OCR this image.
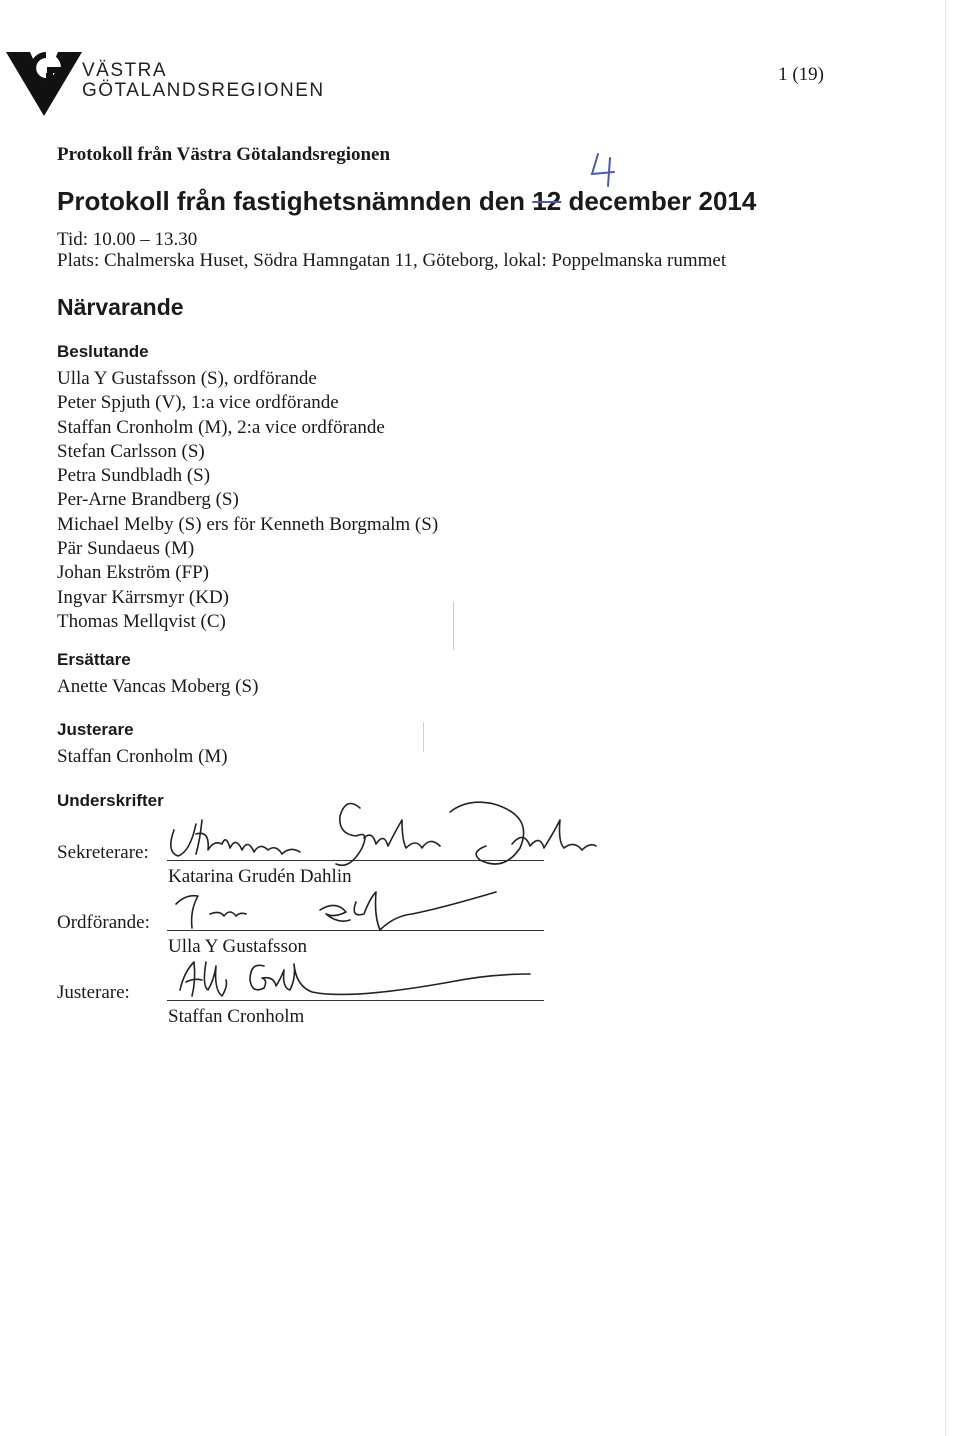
VÄSTRA
GÖTALANDSREGIONEN
1 (19)
Protokoll från Västra Götalandsregionen
Protokoll från fastighetsnämnden den 12 december 2014
Tid: 10.00 – 13.30
Plats: Chalmerska Huset, Södra Hamngatan 11, Göteborg, lokal: Poppelmanska rummet
Närvarande
Beslutande
Ulla Y Gustafsson (S), ordförande
Peter Spjuth (V), 1:a vice ordförande
Staffan Cronholm (M), 2:a vice ordförande
Stefan Carlsson (S)
Petra Sundbladh (S)
Per-Arne Brandberg (S)
Michael Melby (S) ers för Kenneth Borgmalm (S)
Pär Sundaeus (M)
Johan Ekström (FP)
Ingvar Kärrsmyr (KD)
Thomas Mellqvist (C)
Ersättare
Anette Vancas Moberg (S)
Justerare
Staffan Cronholm (M)
Underskrifter
Sekreterare:
Katarina Grudén Dahlin
Ordförande:
Ulla Y Gustafsson
Justerare:
Staffan Cronholm
